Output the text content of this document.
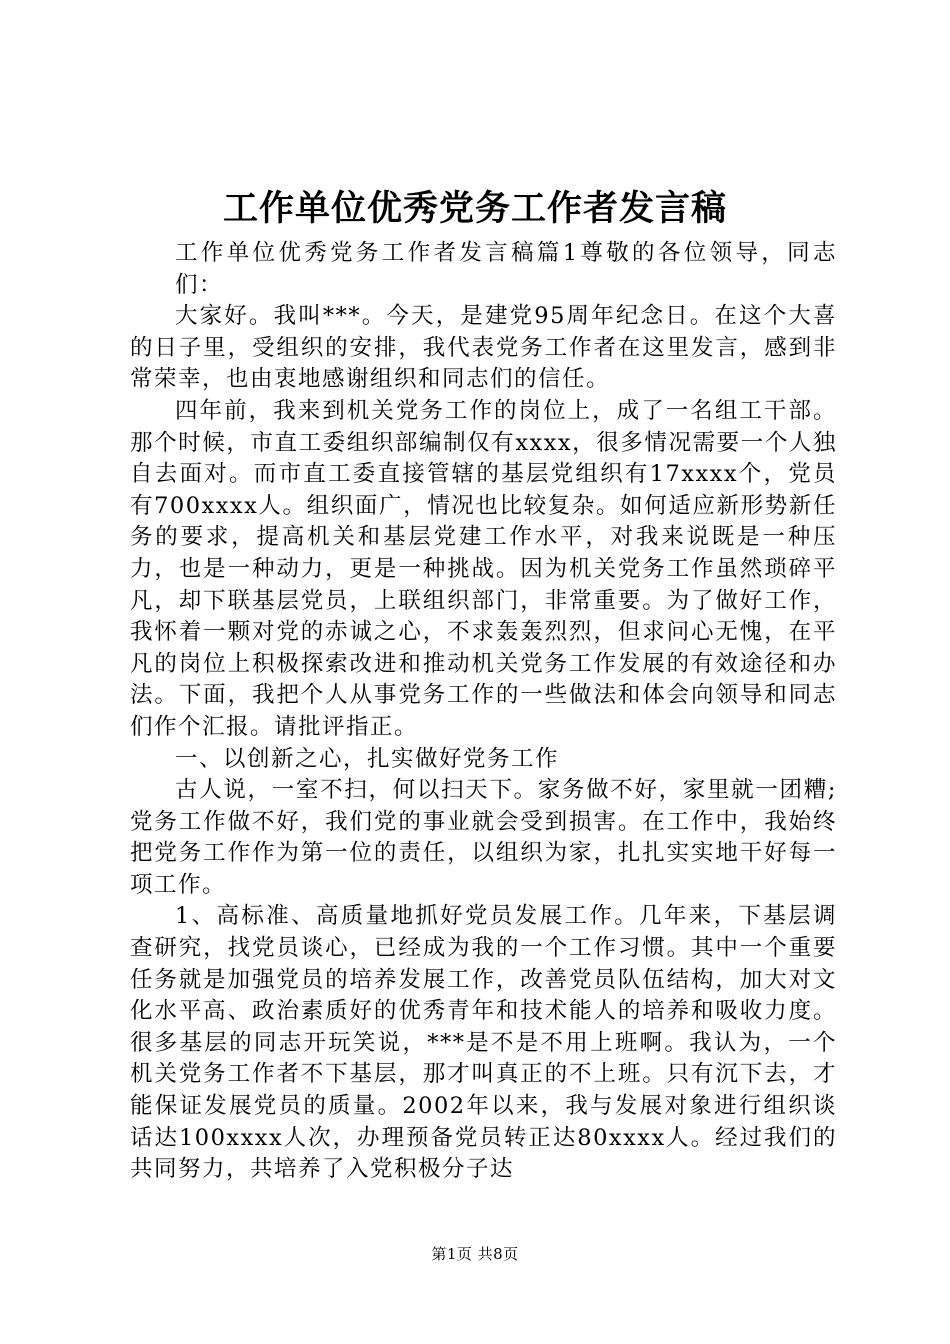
工作单位优秀党务工作者发言稿

工作单位优秀党务工作者发言稿篇1尊敬的各位领导，同志们：

大家好。我叫***。今天，是建党95周年纪念日。在这个大喜的日子里，受组织的安排，我代表党务工作者在这里发言，感到非常荣幸，也由衷地感谢组织和同志们的信任。

四年前，我来到机关党务工作的岗位上，成了一名组工干部。那个时候，市直工委组织部编制仅有xxxx，很多情况需要一个人独自去面对。而市直工委直接管辖的基层党组织有17xxxx个，党员有700xxxx人。组织面广，情况也比较复杂。如何适应新形势新任务的要求，提高机关和基层党建工作水平，对我来说既是一种压力，也是一种动力，更是一种挑战。因为机关党务工作虽然琐碎平凡，却下联基层党员，上联组织部门，非常重要。为了做好工作，我怀着一颗对党的赤诚之心，不求轰轰烈烈，但求问心无愧，在平凡的岗位上积极探索改进和推动机关党务工作发展的有效途径和办法。下面，我把个人从事党务工作的一些做法和体会向领导和同志们作个汇报。请批评指正。

一、以创新之心，扎实做好党务工作

古人说，一室不扫，何以扫天下。家务做不好，家里就一团糟;党务工作做不好，我们党的事业就会受到损害。在工作中，我始终把党务工作作为第一位的责任，以组织为家，扎扎实实地干好每一项工作。

1、高标准、高质量地抓好党员发展工作。几年来，下基层调查研究，找党员谈心，已经成为我的一个工作习惯。其中一个重要任务就是加强党员的培养发展工作，改善党员队伍结构，加大对文化水平高、政治素质好的优秀青年和技术能人的培养和吸收力度。很多基层的同志开玩笑说，***是不是不用上班啊。我认为，一个机关党务工作者不下基层，那才叫真正的不上班。只有沉下去，才能保证发展党员的质量。2002年以来，我与发展对象进行组织谈话达100xxxx人次，办理预备党员转正达80xxxx人。经过我们的共同努力，共培养了入党积极分子达

第1页 共8页
